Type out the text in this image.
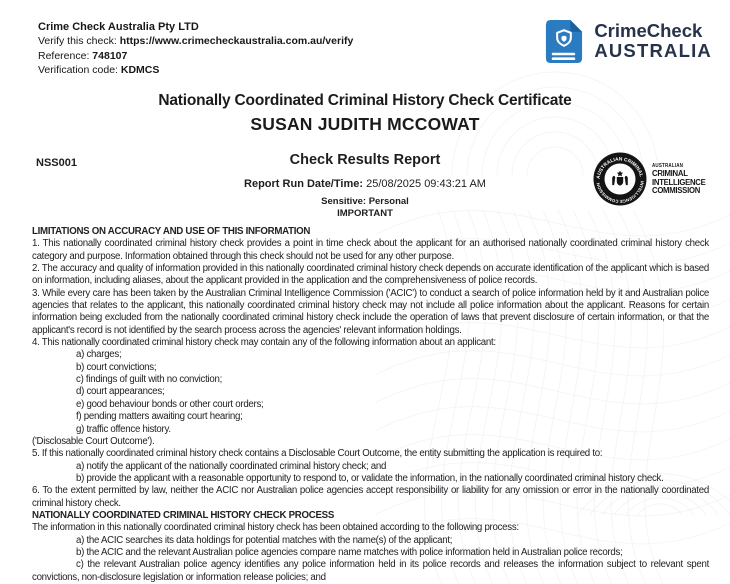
Crime Check Australia Pty LTD
Verify this check: https://www.crimecheckaustralia.com.au/verify
Reference: 748107
Verification code: KDMCS
CrimeCheck
AUSTRALIA
Nationally Coordinated Criminal History Check Certificate
SUSAN JUDITH MCCOWAT
NSS001	Check Results Report
Report Run Date/Time: 25/08/2025 09:43:21 AM
Sensitive: Personal
IMPORTANT
AUSTRALIAN CRIMINAL
INTELLIGENCE COMMISSION
AUSTRALIAN
CRIMINAL
INTELLIGENCE
COMMISSION
LIMITATIONS ON ACCURACY AND USE OF THIS INFORMATION
1. This nationally coordinated criminal history check provides a point in time check about the applicant for an authorised nationally coordinated criminal history check category and purpose. Information obtained through this check should not be used for any other purpose.
2. The accuracy and quality of information provided in this nationally coordinated criminal history check depends on accurate identification of the applicant which is based on information, including aliases, about the applicant provided in the application and the comprehensiveness of police records.
3. While every care has been taken by the Australian Criminal Intelligence Commission ('ACIC') to conduct a search of police information held by it and Australian police agencies that relates to the applicant, this nationally coordinated criminal history check may not include all police information about the applicant. Reasons for certain information being excluded from the nationally coordinated criminal history check include the operation of laws that prevent disclosure of certain information, or that the applicant's record is not identified by the search process across the agencies' relevant information holdings.
4. This nationally coordinated criminal history check may contain any of the following information about an applicant:
a) charges;
b) court convictions;
c) findings of guilt with no conviction;
d) court appearances;
e) good behaviour bonds or other court orders;
f) pending matters awaiting court hearing;
g) traffic offence history.
('Disclosable Court Outcome').
5. If this nationally coordinated criminal history check contains a Disclosable Court Outcome, the entity submitting the application is required to:
a) notify the applicant of the nationally coordinated criminal history check; and
b) provide the applicant with a reasonable opportunity to respond to, or validate the information, in the nationally coordinated criminal history check.
6. To the extent permitted by law, neither the ACIC nor Australian police agencies accept responsibility or liability for any omission or error in the nationally coordinated criminal history check.
NATIONALLY COORDINATED CRIMINAL HISTORY CHECK PROCESS
The information in this nationally coordinated criminal history check has been obtained according to the following process:
a) the ACIC searches its data holdings for potential matches with the name(s) of the applicant;
b) the ACIC and the relevant Australian police agencies compare name matches with police information held in Australian police records;
c) the relevant Australian police agency identifies any police information held in its police records and releases the information subject to relevant spent convictions, non-disclosure legislation or information release policies; and
